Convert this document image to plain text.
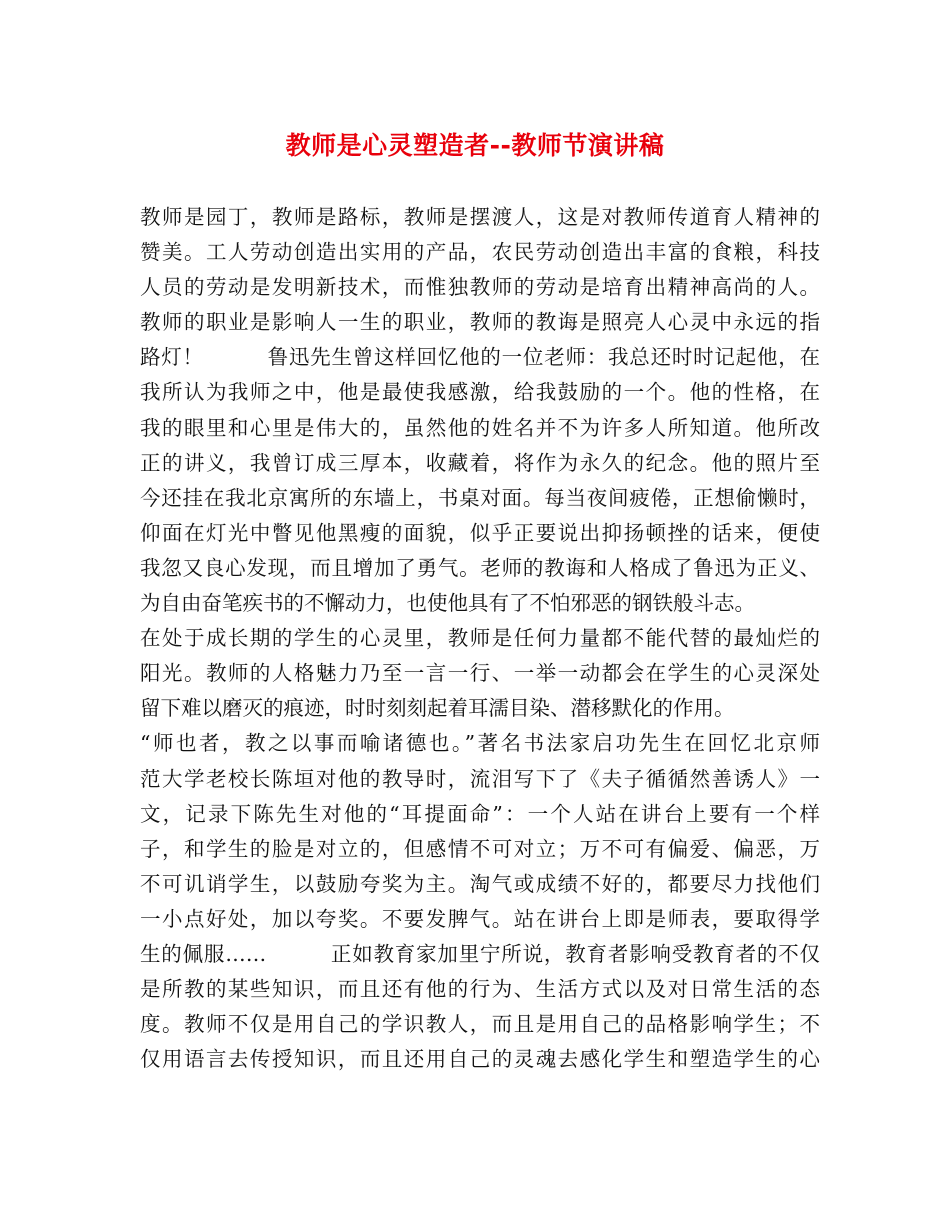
教师是心灵塑造者--教师节演讲稿
教师是园丁，教师是路标，教师是摆渡人，这是对教师传道育人精神的
赞美。工人劳动创造出实用的产品，农民劳动创造出丰富的食粮，科技
人员的劳动是发明新技术，而惟独教师的劳动是培育出精神高尚的人。
教师的职业是影响人一生的职业，教师的教诲是照亮人心灵中永远的指
路灯！　　　鲁迅先生曾这样回忆他的一位老师：我总还时时记起他，在
我所认为我师之中，他是最使我感激，给我鼓励的一个。他的性格，在
我的眼里和心里是伟大的，虽然他的姓名并不为许多人所知道。他所改
正的讲义，我曾订成三厚本，收藏着，将作为永久的纪念。他的照片至
今还挂在我北京寓所的东墙上，书桌对面。每当夜间疲倦，正想偷懒时，
仰面在灯光中瞥见他黑瘦的面貌，似乎正要说出抑扬顿挫的话来，便使
我忽又良心发现，而且增加了勇气。老师的教诲和人格成了鲁迅为正义、
为自由奋笔疾书的不懈动力，也使他具有了不怕邪恶的钢铁般斗志。
在处于成长期的学生的心灵里，教师是任何力量都不能代替的最灿烂的
阳光。教师的人格魅力乃至一言一行、一举一动都会在学生的心灵深处
留下难以磨灭的痕迹，时时刻刻起着耳濡目染、潜移默化的作用。
“师也者，教之以事而喻诸德也。”著名书法家启功先生在回忆北京师
范大学老校长陈垣对他的教导时，流泪写下了《夫子循循然善诱人》一
文，记录下陈先生对他的“耳提面命”：一个人站在讲台上要有一个样
子，和学生的脸是对立的，但感情不可对立；万不可有偏爱、偏恶，万
不可讥诮学生，以鼓励夸奖为主。淘气或成绩不好的，都要尽力找他们
一小点好处，加以夸奖。不要发脾气。站在讲台上即是师表，要取得学
生的佩服……　　　正如教育家加里宁所说，教育者影响受教育者的不仅
是所教的某些知识，而且还有他的行为、生活方式以及对日常生活的态
度。教师不仅是用自己的学识教人，而且是用自己的品格影响学生；不
仅用语言去传授知识，而且还用自己的灵魂去感化学生和塑造学生的心
